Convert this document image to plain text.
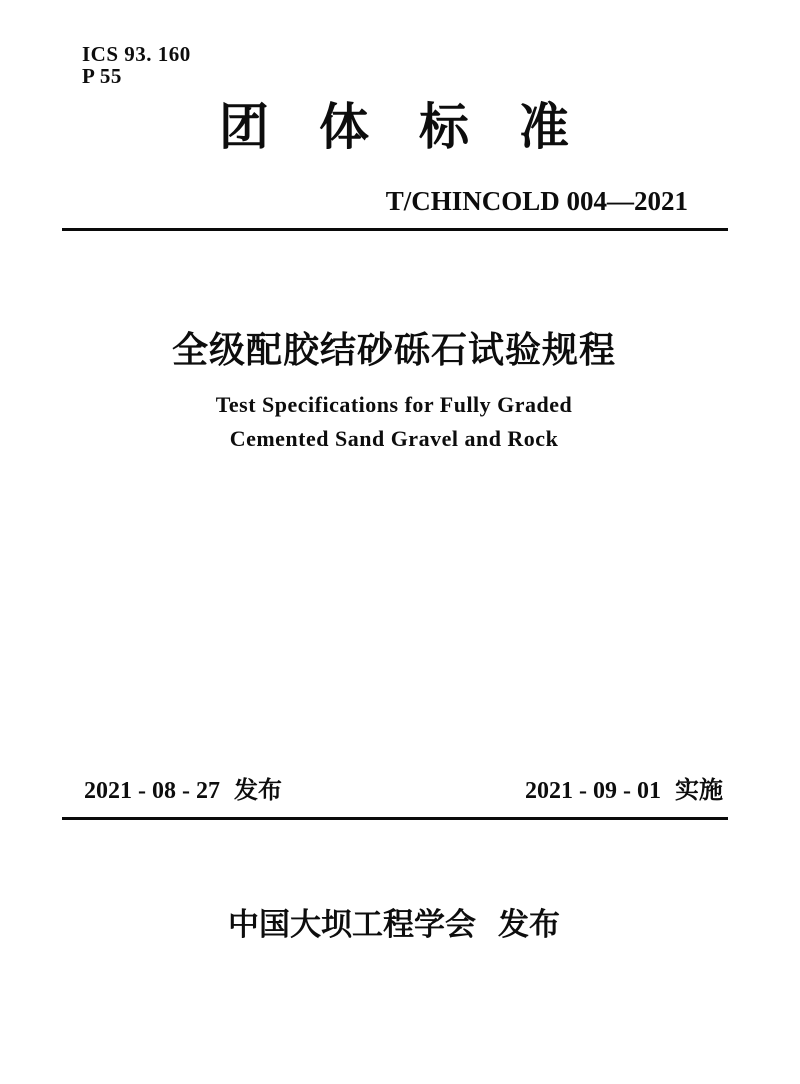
ICS 93. 160
P 55
团体标准
T/CHINCOLD 004—2021
全级配胶结砂砾石试验规程
Test Specifications for Fully Graded
Cemented Sand Gravel and Rock
2021 - 08 - 27 发布	2021 - 09 - 01 实施
中国大坝工程学会 发布
